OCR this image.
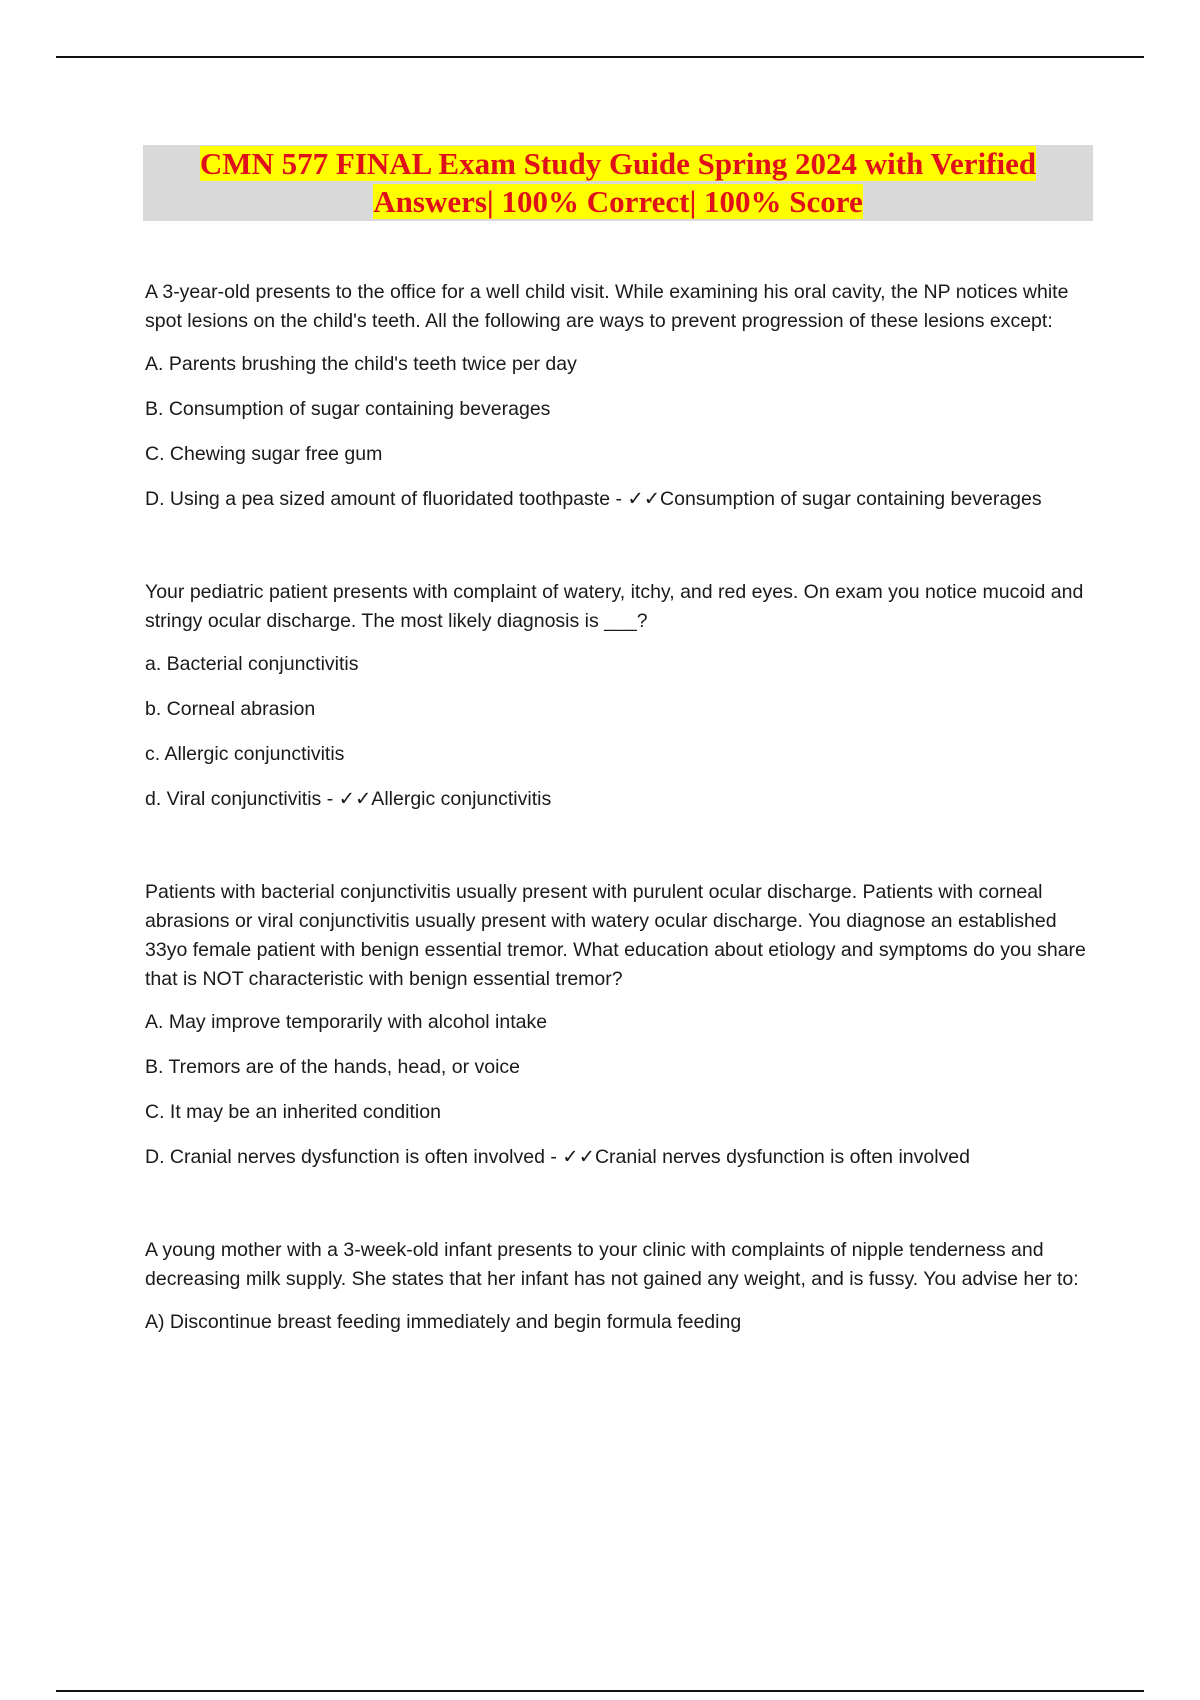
CMN 577 FINAL Exam Study Guide Spring 2024 with Verified
Answers| 100% Correct| 100% Score

A 3-year-old presents to the office for a well child visit. While examining his oral cavity, the NP notices white spot lesions on the child's teeth. All the following are ways to prevent progression of these lesions except:

A. Parents brushing the child's teeth twice per day

B. Consumption of sugar containing beverages

C. Chewing sugar free gum

D. Using a pea sized amount of fluoridated toothpaste - ✓✓Consumption of sugar containing beverages

Your pediatric patient presents with complaint of watery, itchy, and red eyes. On exam you notice mucoid and stringy ocular discharge. The most likely diagnosis is ___?

a. Bacterial conjunctivitis

b. Corneal abrasion

c. Allergic conjunctivitis

d. Viral conjunctivitis - ✓✓Allergic conjunctivitis

Patients with bacterial conjunctivitis usually present with purulent ocular discharge. Patients with corneal abrasions or viral conjunctivitis usually present with watery ocular discharge. You diagnose an established 33yo female patient with benign essential tremor. What education about etiology and symptoms do you share that is NOT characteristic with benign essential tremor?

A. May improve temporarily with alcohol intake

B. Tremors are of the hands, head, or voice

C. It may be an inherited condition

D. Cranial nerves dysfunction is often involved - ✓✓Cranial nerves dysfunction is often involved

A young mother with a 3-week-old infant presents to your clinic with complaints of nipple tenderness and decreasing milk supply. She states that her infant has not gained any weight, and is fussy. You advise her to:

A) Discontinue breast feeding immediately and begin formula feeding
